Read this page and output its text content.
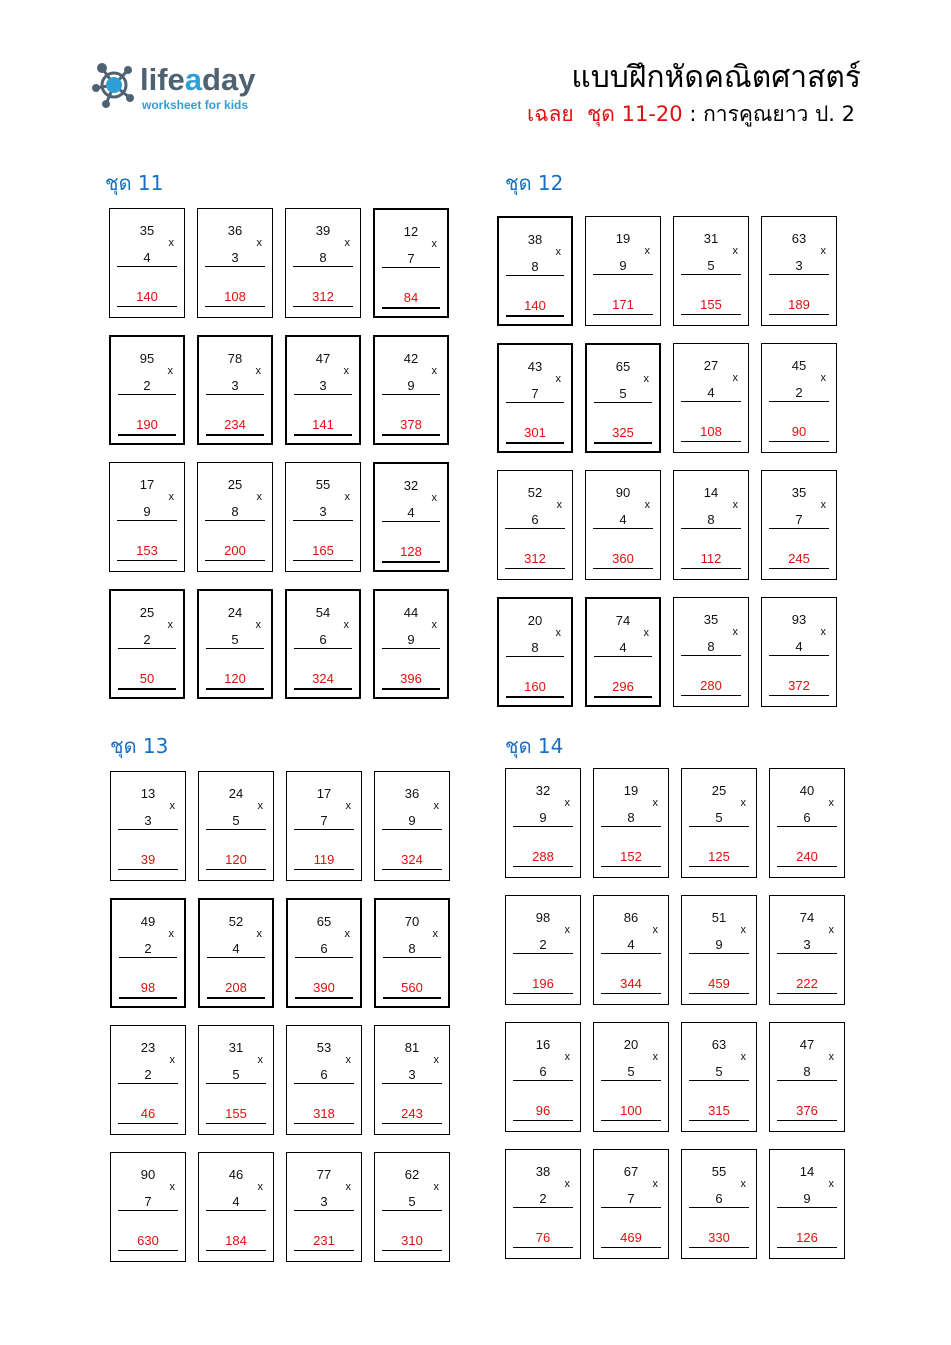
lifeaday
worksheet for kids
แบบฝึกหัดคณิตศาสตร์
เฉลย ชุด 11-20 : การคูณยาว ป. 2
ชุด 11
35
x
4
140
36
x
3
108
39
x
8
312
12
x
7
84
95
x
2
190
78
x
3
234
47
x
3
141
42
x
9
378
17
x
9
153
25
x
8
200
55
x
3
165
32
x
4
128
25
x
2
50
24
x
5
120
54
x
6
324
44
x
9
396
ชุด 12
38
x
8
140
19
x
9
171
31
x
5
155
63
x
3
189
43
x
7
301
65
x
5
325
27
x
4
108
45
x
2
90
52
x
6
312
90
x
4
360
14
x
8
112
35
x
7
245
20
x
8
160
74
x
4
296
35
x
8
280
93
x
4
372
ชุด 13
13
x
3
39
24
x
5
120
17
x
7
119
36
x
9
324
49
x
2
98
52
x
4
208
65
x
6
390
70
x
8
560
23
x
2
46
31
x
5
155
53
x
6
318
81
x
3
243
90
x
7
630
46
x
4
184
77
x
3
231
62
x
5
310
ชุด 14
32
x
9
288
19
x
8
152
25
x
5
125
40
x
6
240
98
x
2
196
86
x
4
344
51
x
9
459
74
x
3
222
16
x
6
96
20
x
5
100
63
x
5
315
47
x
8
376
38
x
2
76
67
x
7
469
55
x
6
330
14
x
9
126
